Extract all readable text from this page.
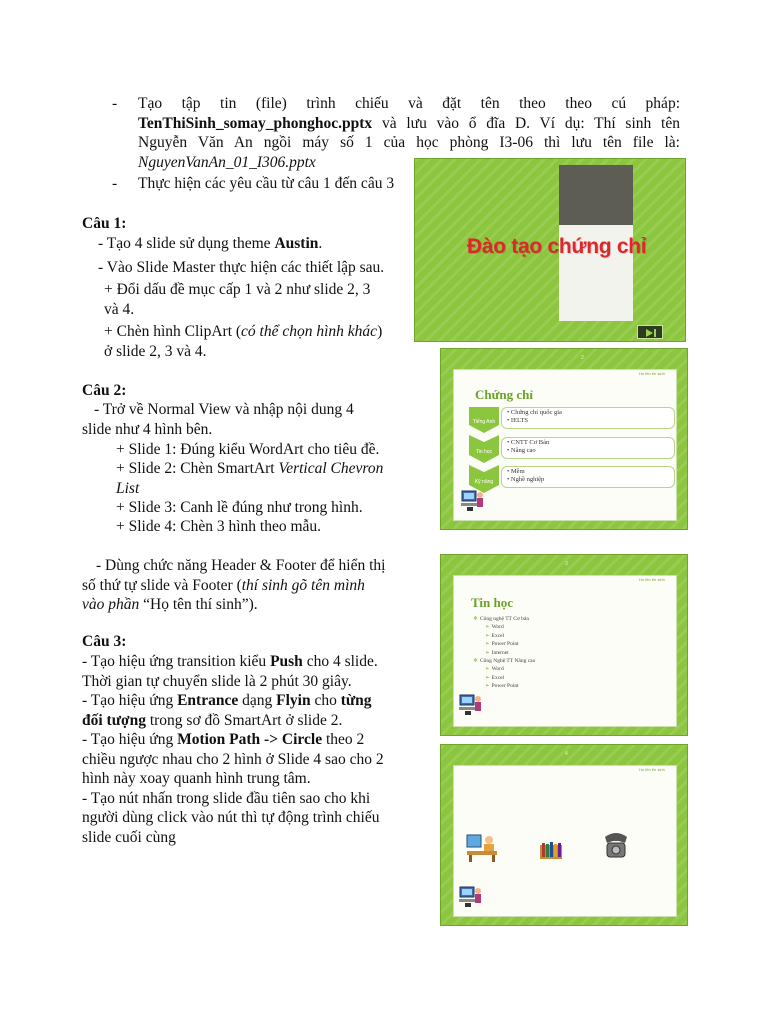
- Tạo tập tin (file) trình chiếu và đặt tên theo theo cú pháp:
TenThiSinh_somay_phonghoc.pptx và lưu vào ổ đĩa D. Ví dụ: Thí sinh tên
Nguyễn Văn An ngồi máy số 1 của học phòng I3-06 thì lưu tên file là:
NguyenVanAn_01_I306.pptx
- Thực hiện các yêu cầu từ câu 1 đến câu 3
Câu 1:
- Tạo 4 slide sử dụng theme Austin.
- Vào Slide Master thực hiện các thiết lập sau.
+ Đổi dấu đề mục cấp 1 và 2 như slide 2, 3
và 4.
+ Chèn hình ClipArt (có thể chọn hình khác)
ở slide 2, 3 và 4.
Câu 2:
- Trở về Normal View và nhập nội dung 4
slide như 4 hình bên.
+ Slide 1: Đúng kiểu WordArt cho tiêu đề.
+ Slide 2: Chèn SmartArt Vertical Chevron
List
+ Slide 3: Canh lề đúng như trong hình.
+ Slide 4: Chèn 3 hình theo mẫu.
- Dùng chức năng Header & Footer để hiển thị
số thứ tự slide và Footer (thí sinh gõ tên mình
vào phần “Họ tên thí sinh”).
Câu 3:
- Tạo hiệu ứng transition kiểu Push cho 4 slide.
Thời gian tự chuyển slide là 2 phút 30 giây.
- Tạo hiệu ứng Entrance dạng Flyin cho từng
đối tượng trong sơ đồ SmartArt ở slide 2.
- Tạo hiệu ứng Motion Path -> Circle theo 2
chiều ngược nhau cho 2 hình ở Slide 4 sao cho 2
hình này xoay quanh hình trung tâm.
- Tạo nút nhấn trong slide đầu tiên sao cho khi
người dùng click vào nút thì tự động trình chiếu
slide cuối cùng
Đào tạo chứng chỉ
2
Họ tên thí sinh
Chứng chỉ
Tiếng Anh
• Chứng chỉ quốc gia
• IELTS
Tin học
• CNTT Cơ Bản
• Nâng cao
Kỹ năng
• Mềm
• Nghề nghiệp
3
Họ tên thí sinh
Tin học
❖ Công nghệ TT Cơ bản
➢ Word
➢ Excel
➢ Power Point
➢ Internet
❖ Công Nghệ TT Nâng cao
➢ Word
➢ Excel
➢ Power Point
4
Họ tên thí sinh
